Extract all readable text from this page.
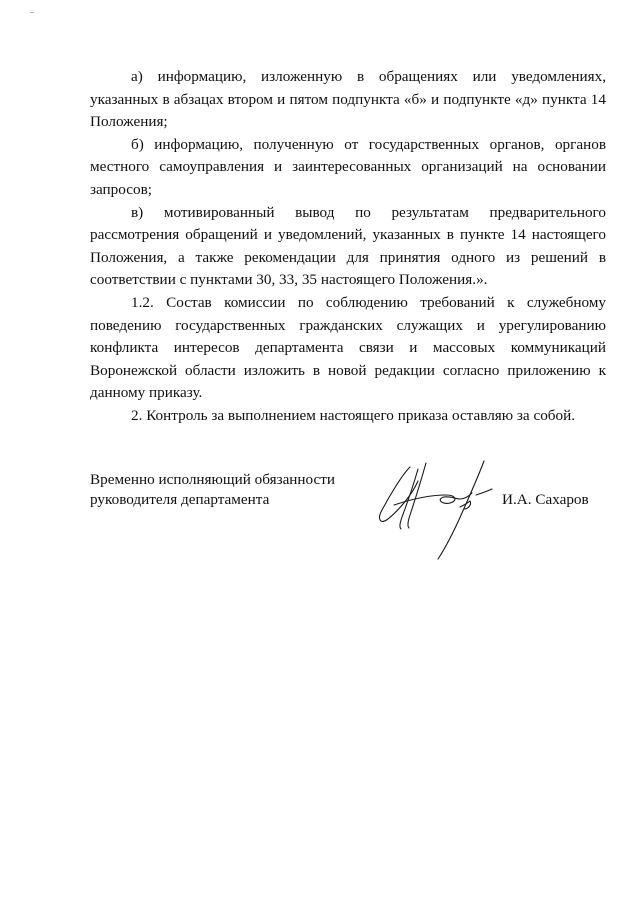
а) информацию, изложенную в обращениях или уведомлениях, указанных в абзацах втором и пятом подпункта «б» и подпункте «д» пункта 14 Положения;

б) информацию, полученную от государственных органов, органов местного самоуправления и заинтересованных организаций на основании запросов;

в) мотивированный вывод по результатам предварительного рассмотрения обращений и уведомлений, указанных в пункте 14 настоящего Положения, а также рекомендации для принятия одного из решений в соответствии с пунктами 30, 33, 35 настоящего Положения.».

1.2. Состав комиссии по соблюдению требований к служебному поведению государственных гражданских служащих и урегулированию конфликта интересов департамента связи и массовых коммуникаций Воронежской области изложить в новой редакции согласно приложению к данному приказу.

2. Контроль за выполнением настоящего приказа оставляю за собой.

Временно исполняющий обязанности
руководителя департамента	И.А. Сахаров
